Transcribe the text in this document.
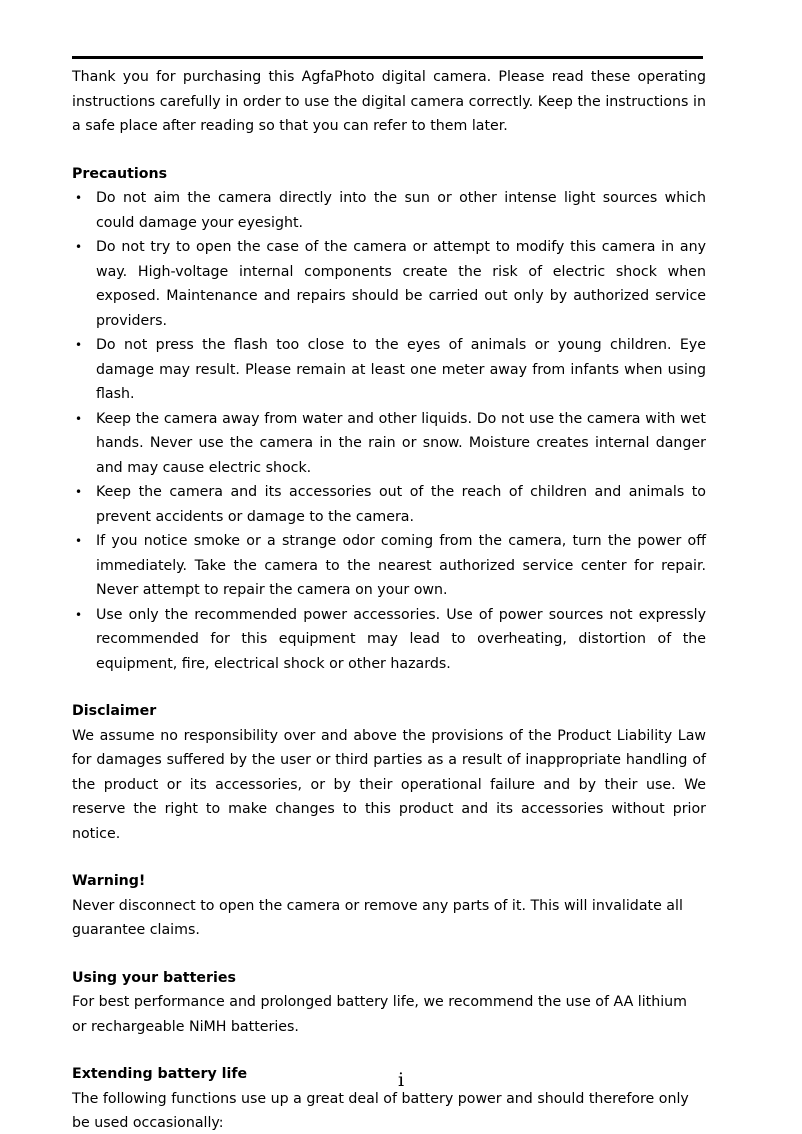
Thank you for purchasing this AgfaPhoto digital camera. Please read these operating instructions carefully in order to use the digital camera correctly. Keep the instructions in a safe place after reading so that you can refer to them later.

Precautions
• Do not aim the camera directly into the sun or other intense light sources which could damage your eyesight.
• Do not try to open the case of the camera or attempt to modify this camera in any way. High-voltage internal components create the risk of electric shock when exposed. Maintenance and repairs should be carried out only by authorized service providers.
• Do not press the flash too close to the eyes of animals or young children. Eye damage may result. Please remain at least one meter away from infants when using flash.
• Keep the camera away from water and other liquids. Do not use the camera with wet hands. Never use the camera in the rain or snow. Moisture creates internal danger and may cause electric shock.
• Keep the camera and its accessories out of the reach of children and animals to prevent accidents or damage to the camera.
• If you notice smoke or a strange odor coming from the camera, turn the power off immediately. Take the camera to the nearest authorized service center for repair. Never attempt to repair the camera on your own.
• Use only the recommended power accessories. Use of power sources not expressly recommended for this equipment may lead to overheating, distortion of the equipment, fire, electrical shock or other hazards.
Disclaimer

We assume no responsibility over and above the provisions of the Product Liability Law for damages suffered by the user or third parties as a result of inappropriate handling of the product or its accessories, or by their operational failure and by their use. We reserve the right to make changes to this product and its accessories without prior notice.

Warning!

Never disconnect to open the camera or remove any parts of it. This will invalidate all guarantee claims.

Using your batteries

For best performance and prolonged battery life, we recommend the use of AA lithium or rechargeable NiMH batteries.

Extending battery life

The following functions use up a great deal of battery power and should therefore only be used occasionally:

i
